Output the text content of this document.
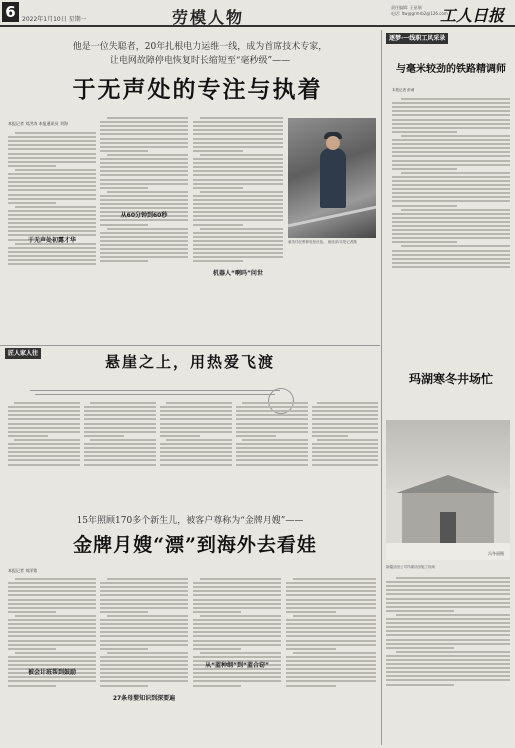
6	2022年1月10日 星期一	劳模人物
责任编辑: 王星瑞
电话: ltw@grmrb2@126.com
工人日报
他是一位失聪者，20年扎根电力运维一线，成为首席技术专家，
让电网故障停电恢复时长缩短至“毫秒级”——
于无声处的专注与执着
本报记者 刘洪涛 本报通讯员 刘海
于无声处初露才华
从60分钟到60秒
机器人“啊吗”问世
童英伟在维修电柜设备。 童延泽/本报记者摄
匠人家人往	悬崖之上，用热爱飞渡
15年照顾170多个新生儿，被客户尊称为“金牌月嫂”——
金牌月嫂“漂”到海外去看娃
本报记者 刘洋铭
被会计班帮到鼓励
27条母婴知识到深要遍
从“蓝种纲”到“蓝合窃”
逐梦·一线职工风采录
与毫米较劲的铁路精调师
本报记者 彭诚
玛湖寒冬井场忙
冯冬丽摄
新疆油田公司玛湖油田施工现场
